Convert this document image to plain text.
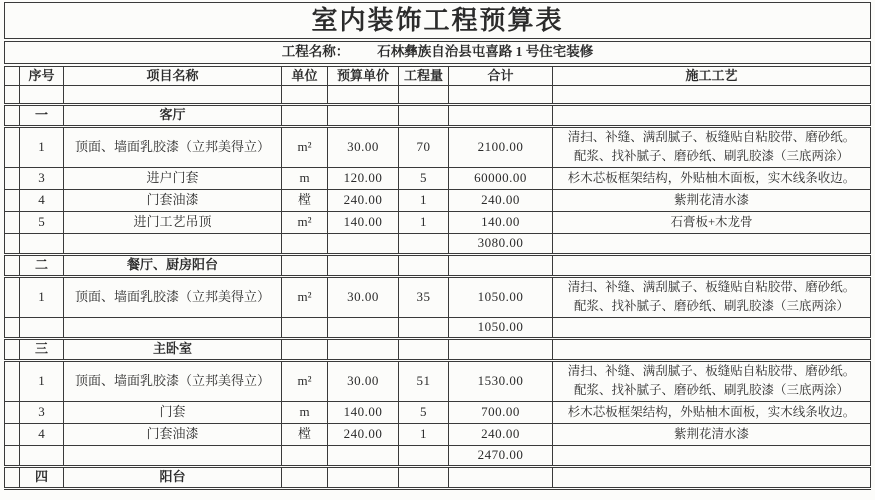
室内装饰工程预算表							
工程名称： 石林彝族自治县屯喜路 1 号住宅装修							
	序号	项目名称	单位	预算单价	工程量	合计	施工工艺

	一	客厅					
	1	顶面、墙面乳胶漆（立邦美得立）	m²	30.00	70	2100.00	清扫、补缝、满刮腻子、板缝贴自粘胶带、磨砂纸。配浆、找补腻子、磨砂纸、刷乳胶漆（三底两涂）
	3	进户门套	m	120.00	5	60000.00	杉木芯板框架结构，外贴柚木面板，实木线条收边。
	4	门套油漆	樘	240.00	1	240.00	紫荆花清水漆
	5	进门工艺吊顶	m²	140.00	1	140.00	石膏板+木龙骨
						3080.00	
	二	餐厅、厨房阳台					
	1	顶面、墙面乳胶漆（立邦美得立）	m²	30.00	35	1050.00	清扫、补缝、满刮腻子、板缝贴自粘胶带、磨砂纸。配浆、找补腻子、磨砂纸、刷乳胶漆（三底两涂）
						1050.00	
	三	主卧室					
	1	顶面、墙面乳胶漆（立邦美得立）	m²	30.00	51	1530.00	清扫、补缝、满刮腻子、板缝贴自粘胶带、磨砂纸。配浆、找补腻子、磨砂纸、刷乳胶漆（三底两涂）
	3	门套	m	140.00	5	700.00	杉木芯板框架结构，外贴柚木面板，实木线条收边。
	4	门套油漆	樘	240.00	1	240.00	紫荆花清水漆
						2470.00	
	四	阳台					
